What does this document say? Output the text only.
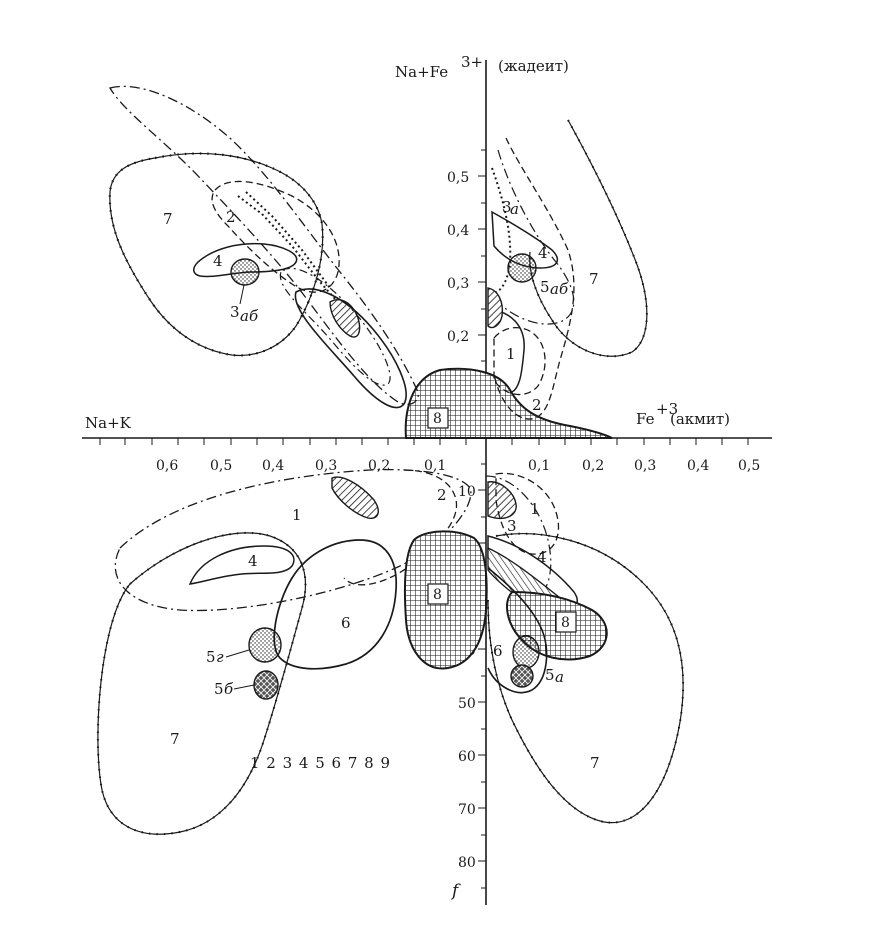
Na+Fe
3+ (жадеит)
Na+K	Fe
+3
(акмит)
f
0,5
0,4
0,3
0,2
0,6 0,5 0,4 0,3 0,2 0,1	0,1 0,2 0,3 0,4 0,5
10
50
60
70
80
7	2
4
3 аб
3
а
4
5 аб
7
1
2
8
8
1
2
4
6
7
5 г
5 б
8
1
3
4
6
7
5 а
1 2 3 4 5 6 7 8 9
